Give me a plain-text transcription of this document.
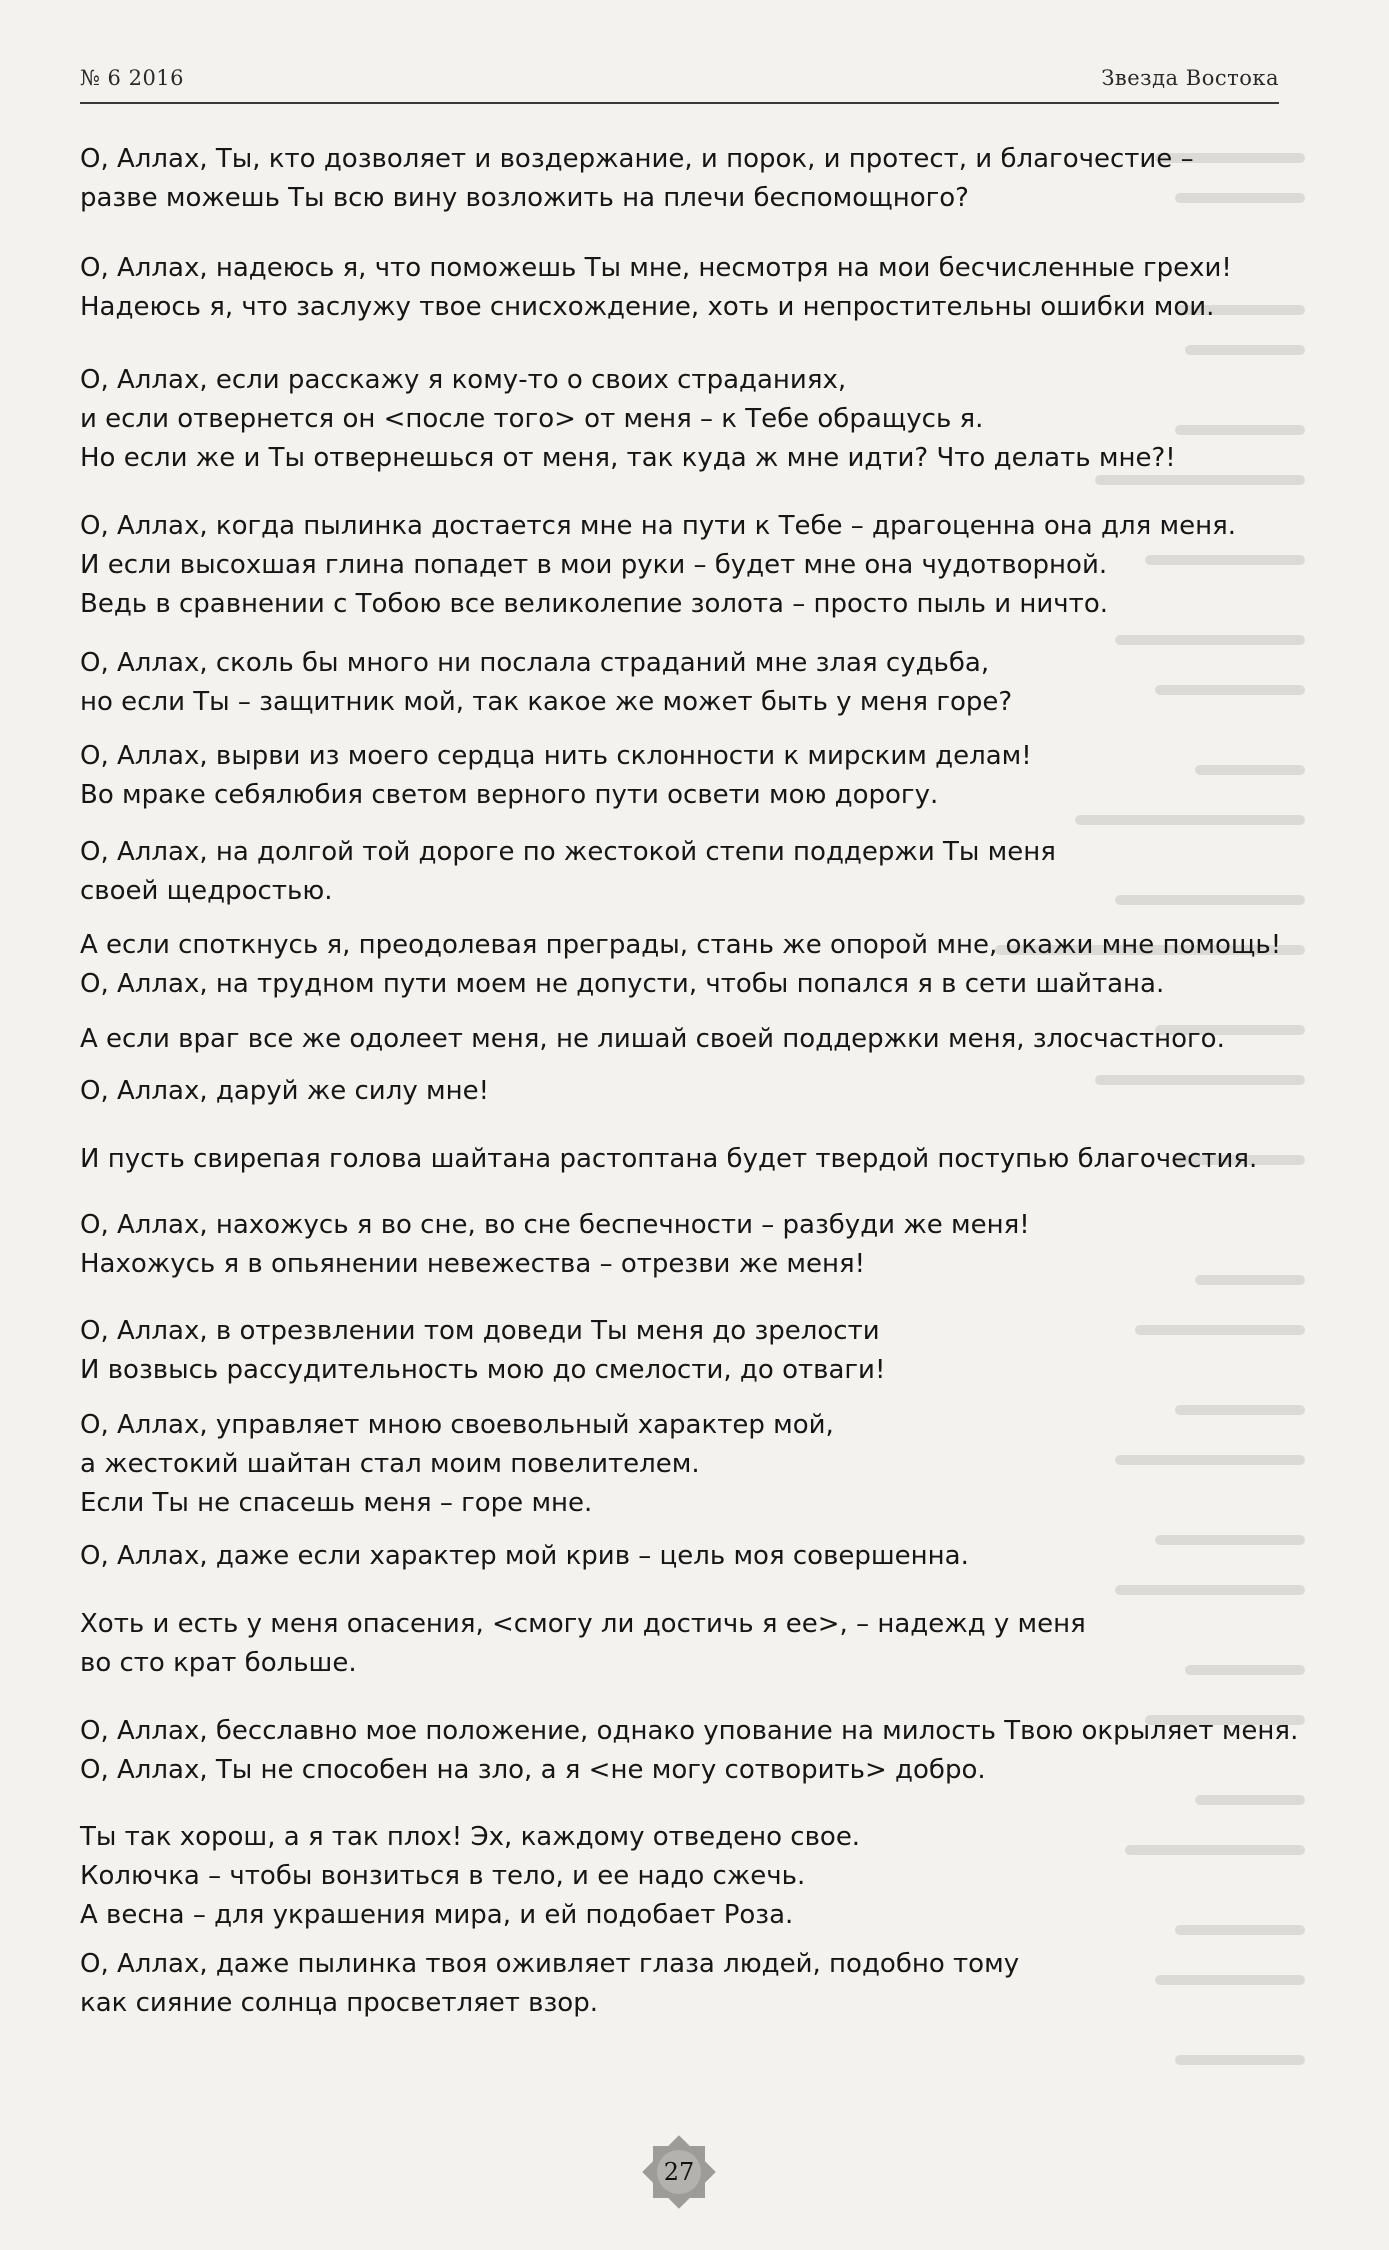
№ 6 2016	Звезда Востока
О, Аллах, Ты, кто дозволяет и воздержание, и порок, и протест, и благочестие –
разве можешь Ты всю вину возложить на плечи беспомощного?
О, Аллах, надеюсь я, что поможешь Ты мне, несмотря на мои бесчисленные грехи!
Надеюсь я, что заслужу твое снисхождение, хоть и непростительны ошибки мои.
О, Аллах, если расскажу я кому-то о своих страданиях,
и если отвернется он <после того> от меня – к Тебе обращусь я.
Но если же и Ты отвернешься от меня, так куда ж мне идти? Что делать мне?!
О, Аллах, когда пылинка достается мне на пути к Тебе – драгоценна она для меня.
И если высохшая глина попадет в мои руки – будет мне она чудотворной.
Ведь в сравнении с Тобою все великолепие золота – просто пыль и ничто.
О, Аллах, сколь бы много ни послала страданий мне злая судьба,
но если Ты – защитник мой, так какое же может быть у меня горе?
О, Аллах, вырви из моего сердца нить склонности к мирским делам!
Во мраке себялюбия светом верного пути освети мою дорогу.
О, Аллах, на долгой той дороге по жестокой степи поддержи Ты меня
своей щедростью.
А если споткнусь я, преодолевая преграды, стань же опорой мне, окажи мне помощь!
О, Аллах, на трудном пути моем не допусти, чтобы попался я в сети шайтана.
А если враг все же одолеет меня, не лишай своей поддержки меня, злосчастного.
О, Аллах, даруй же силу мне!
И пусть свирепая голова шайтана растоптана будет твердой поступью благочестия.
О, Аллах, нахожусь я во сне, во сне беспечности – разбуди же меня!
Нахожусь я в опьянении невежества – отрезви же меня!
О, Аллах, в отрезвлении том доведи Ты меня до зрелости
И возвысь рассудительность мою до смелости, до отваги!
О, Аллах, управляет мною своевольный характер мой,
а жестокий шайтан стал моим повелителем.
Если Ты не спасешь меня – горе мне.
О, Аллах, даже если характер мой крив – цель моя совершенна.
Хоть и есть у меня опасения, <смогу ли достичь я ее>, – надежд у меня
во сто крат больше.
О, Аллах, бесславно мое положение, однако упование на милость Твою окрыляет меня.
О, Аллах, Ты не способен на зло, а я <не могу сотворить> добро.
Ты так хорош, а я так плох! Эх, каждому отведено свое.
Колючка – чтобы вонзиться в тело, и ее надо сжечь.
А весна – для украшения мира, и ей подобает Роза.
О, Аллах, даже пылинка твоя оживляет глаза людей, подобно тому
как сияние солнца просветляет взор.
27
